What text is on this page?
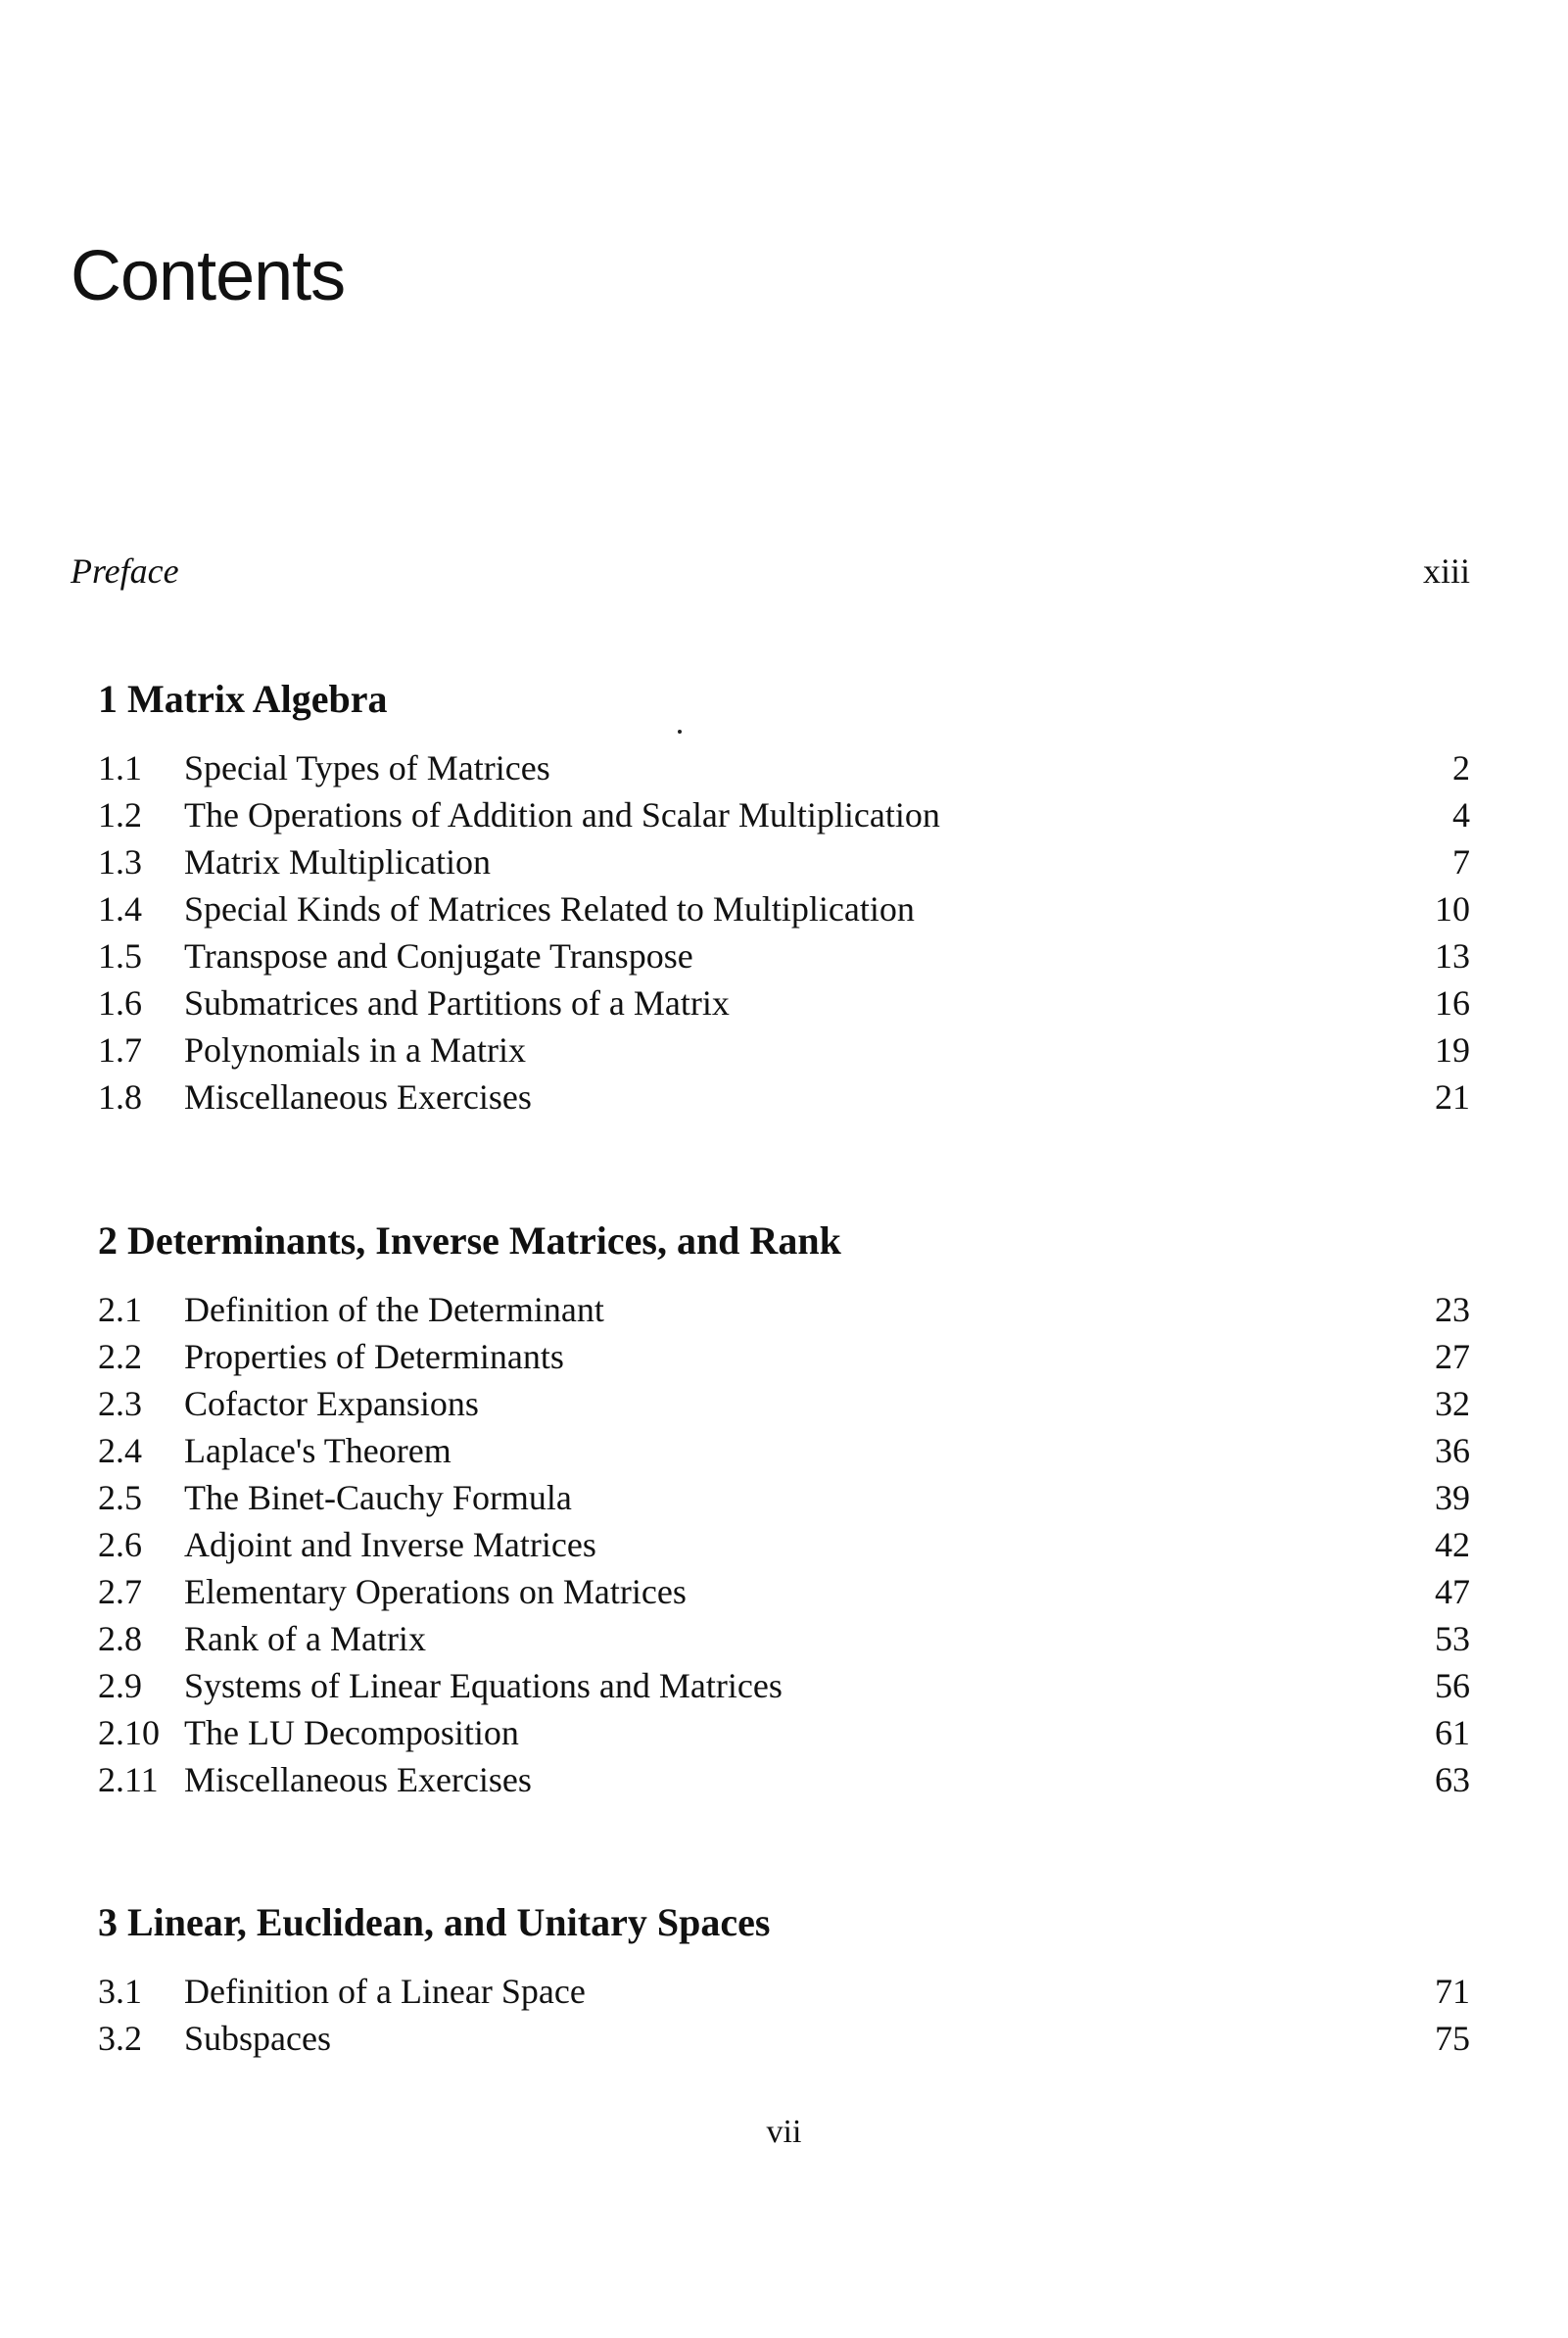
Contents
Preface	xiii
1 Matrix Algebra
1.1	Special Types of Matrices	2
1.2	The Operations of Addition and Scalar Multiplication	4
1.3	Matrix Multiplication	7
1.4	Special Kinds of Matrices Related to Multiplication	10
1.5	Transpose and Conjugate Transpose	13
1.6	Submatrices and Partitions of a Matrix	16
1.7	Polynomials in a Matrix	19
1.8	Miscellaneous Exercises	21
2 Determinants, Inverse Matrices, and Rank
2.1	Definition of the Determinant	23
2.2	Properties of Determinants	27
2.3	Cofactor Expansions	32
2.4	Laplace's Theorem	36
2.5	The Binet-Cauchy Formula	39
2.6	Adjoint and Inverse Matrices	42
2.7	Elementary Operations on Matrices	47
2.8	Rank of a Matrix	53
2.9	Systems of Linear Equations and Matrices	56
2.10 The LU Decomposition	61
2.11 Miscellaneous Exercises	63
3 Linear, Euclidean, and Unitary Spaces
3.1	Definition of a Linear Space	71
3.2	Subspaces	75
vii
